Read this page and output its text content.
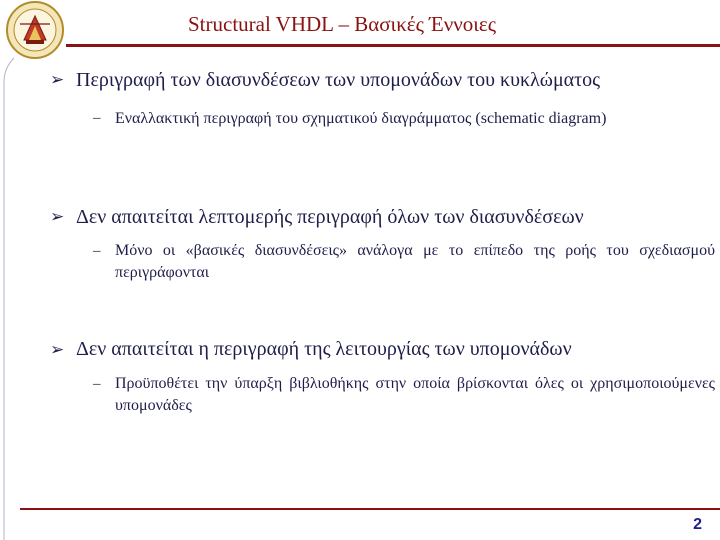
Structural VHDL – Βασικές Έννοιες
➢ Περιγραφή των διασυνδέσεων των υπομονάδων του κυκλώματος
– Εναλλακτική περιγραφή του σχηματικού διαγράμματος (schematic diagram)
➢ Δεν απαιτείται λεπτομερής περιγραφή όλων των διασυνδέσεων
– Μόνο οι «βασικές διασυνδέσεις» ανάλογα με το επίπεδο της ροής του σχεδιασμού περιγράφονται
➢ Δεν απαιτείται η περιγραφή της λειτουργίας των υπομονάδων
– Προϋποθέτει την ύπαρξη βιβλιοθήκης στην οποία βρίσκονται όλες οι χρησιμοποιούμενες υπομονάδες
2
